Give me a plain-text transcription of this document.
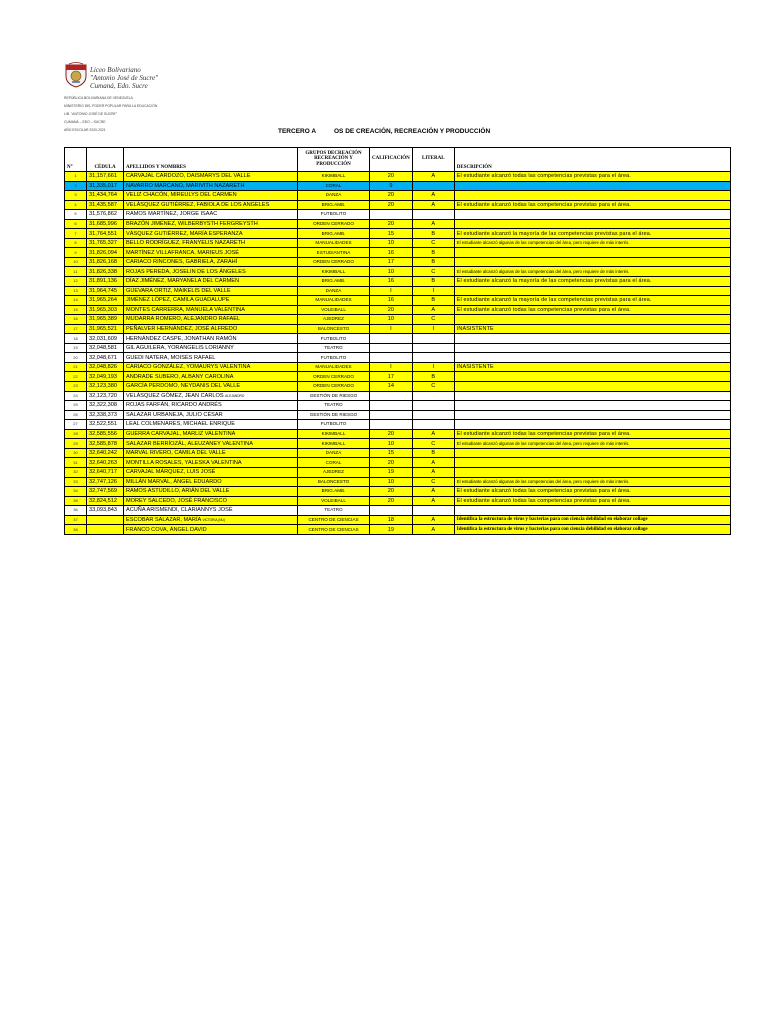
Liceo Bolivariano
"Antonio José de Sucre"
Cumaná, Edo. Sucre
REPÚBLICA BOLIVARIANA DE VENEZUELA
MINISTERIO DEL PODER POPULAR PARA LA EDUCACIÓN
LIB. "ANTONIO JOSÉ DE SUCRE"
CUMANÁ – EDO – SUCRE
AÑO ESCOLAR 2020-2021	TERCERO A	OS DE CREACIÓN, RECREACIÓN Y PRODUCCIÓN
N°	CÉDULA	APELLIDOS Y NOMBRES	GRUPOS DECREACIÓN RECREACIÓN Y PRODUCCIÓN	CALIFICACIÓN	LITERAL	DESCRIPCIÓN
1	31,157,661	CARVAJAL CARDOZO, DAISMARYS DEL VALLE	KIKIMBALL	20	A	El estudiante alcanzó todas las competencias previstas para el área.
2	31,335,017	NAVARRO MARCANO, MARIVITH NAZARETH	CORAL	9		
3	31,434,764	VELIZ CHACÓN, MIREULYS DEL CARMEN	DANZA	20	A	
4	31,435,587	VELÁSQUEZ GUTIÉRREZ, FABIOLA DE LOS ANGELES	BRIG.AMB.	20	A	El estudiante alcanzó todas las competencias previstas para el área.
5	31,576,862	RAMOS MARTÍNEZ, JORGE ISAAC	FUTBOLITO			
6	31,685,996	BRAZÓN JIMÉNEZ, WILBERBYSTH FERGREYSTH	ORDEN CERRADO	20	A	
7	31,764,551	VÁSQUEZ GUTIÉRREZ, MARÍA ESPERANZA	BRIG.AMB.	15	B	El estudiante alcanzó la mayoría de las competencias previstas para el área.
8	31,765,327	BELLO RODRÍGUEZ, FRANYELIS NAZARETH	MANUALIDADES	10	C	El estudiante alcanzó algunas de las competencias del área, pero requiere de más interés.
9	31,826,094	MARTÍNEZ VILLAFRANCA, MARIEUS JOSÉ	ESTUDIANTINA	16	B	
10	31,826,168	CARIACO RINCONES, GABRIELA, ZARAHÍ	ORDEN CERRADO	17	B	
11	31,826,338	ROJAS PEREDA, JOSELIN DE LOS ÁNGELES	KIKIMBALL	10	C	El estudiante alcanzó algunas de las competencias del área, pero requiere de más interés.
12	31,891,136	DÍAZ JIMÉNEZ, MARYANELA DEL CARMEN	BRIG.AMB.	16	B	El estudiante alcanzó la mayoría de las competencias previstas para el área.
13	31,964,745	GUEVARA ORTIZ, MAIKELIS DEL VALLE	DANZA	I	I	
14	31,965,264	JIMÉNEZ LÓPEZ, CAMILA GUADALUPE	MANUALIDADES	16	B	El estudiante alcanzó la mayoría de las competencias previstas para el área.
15	31,965,303	MONTES CARRERRA, MANUELA VALENTINA	VOLEIBALL	20	A	El estudiante alcanzó todas las competencias previstas para el área.
16	31,965,389	MUDARRA ROMERO, ALEJANDRO RAFAEL	AJEDREZ	10	C	
17	31,965,521	PEÑALVER HERNÁNDEZ, JOSÉ ALFREDO	BALONCESTO	I	I	INASISTENTE
18	32,031,609	HERNÁNDEZ CASPE, JONATHAN RAMÓN	FUTBOLITO			
19	32,048,581	GIL AGUILERA, YORANGELIS LORIANNY	TEATRO			
20	32,048,671	GUEDI NATERA, MOISÉS RAFAEL	FUTBOLITO			
21	32,048,826	CARIACO GONZÁLEZ, YOMAURYS VALENTINA	MANUALIDADES	I	I	INASISTENTE
22	32,049,193	ANDRADE SUBERO, ALBANY CAROLINA	ORDEN CERRADO	17	B	
23	32,123,380	GARCÍA PERDOMO, NEYDANIS DEL VALLE	ORDEN CERRADO	14	C	
24	32,123,720	VELÁSQUEZ GÓMEZ, JEAN CARLOS ALEJANDRO	GESTIÓN DE RIESGO			
25	32,322,308	ROJAS FARFÁN, RICARDO ANDRÉS	TEATRO			
26	32,338,373	SALAZAR URBANEJA, JULIO CÉSAR	GESTIÓN DE RIESGO			
27	32,522,551	LEAL COLMENARES, MICHAEL ENRIQUE	FUTBOLITO			
28	32,585,556	GUERRA CARVAJAL, MARLIZ VALENTINA	KIKIMBALL	20	A	El estudiante alcanzó todas las competencias previstas para el área.
29	32,585,878	SALAZAR BERRÍOZÁL, ALEUZANEY VALENTINA	KIKIMBALL	10	C	El estudiante alcanzó algunas de las competencias del área, pero requiere de más interés.
30	32,640,242	MARVAL RIVERO, CAMILA DEL VALLE	DANZA	15	B	
31	32,640,263	MONTILLA ROSALES, YALESKA VALENTINA	CORAL	20	A	
32	32,640,717	CARVAJAL MÁRQUEZ, LUIS JOSÉ	AJEDREZ	19	A	
33	32,747,126	MILLÁN MARVAL, ÁNGEL EDUARDO	BALONCESTO	10	C	El estudiante alcanzó algunas de las competencias del área, pero requiere de más interés.
34	32,747,569	RAMOS ASTUDILLO, ARIÁN DEL VALLE	BRIG.AMB.	20	A	El estudiante alcanzó todas las competencias previstas para el área.
35	32,824,512	MOREY SALCEDO, JOSÉ FRANCISCO	VOLEIBALL	20	A	El estudiante alcanzó todas las competencias previstas para el área.
36	33,093,843	ACUÑA ARISMENDI, CLARIANNYS JOSÉ	TEATRO			
37		ESCOBAR SALAZAR, MARÍA VICTORIA (NU)	CENTRO DE CIENCIAS	18	A	Identifica la estructura de virus y bacterias para con ciencia debilidad en elaborar collage
38		FRANCO COVA, ÁNGEL DAVID	CENTRO DE CIENCIAS	19	A	Identifica la estructura de virus y bacterias para con ciencia debilidad en elaborar collage
